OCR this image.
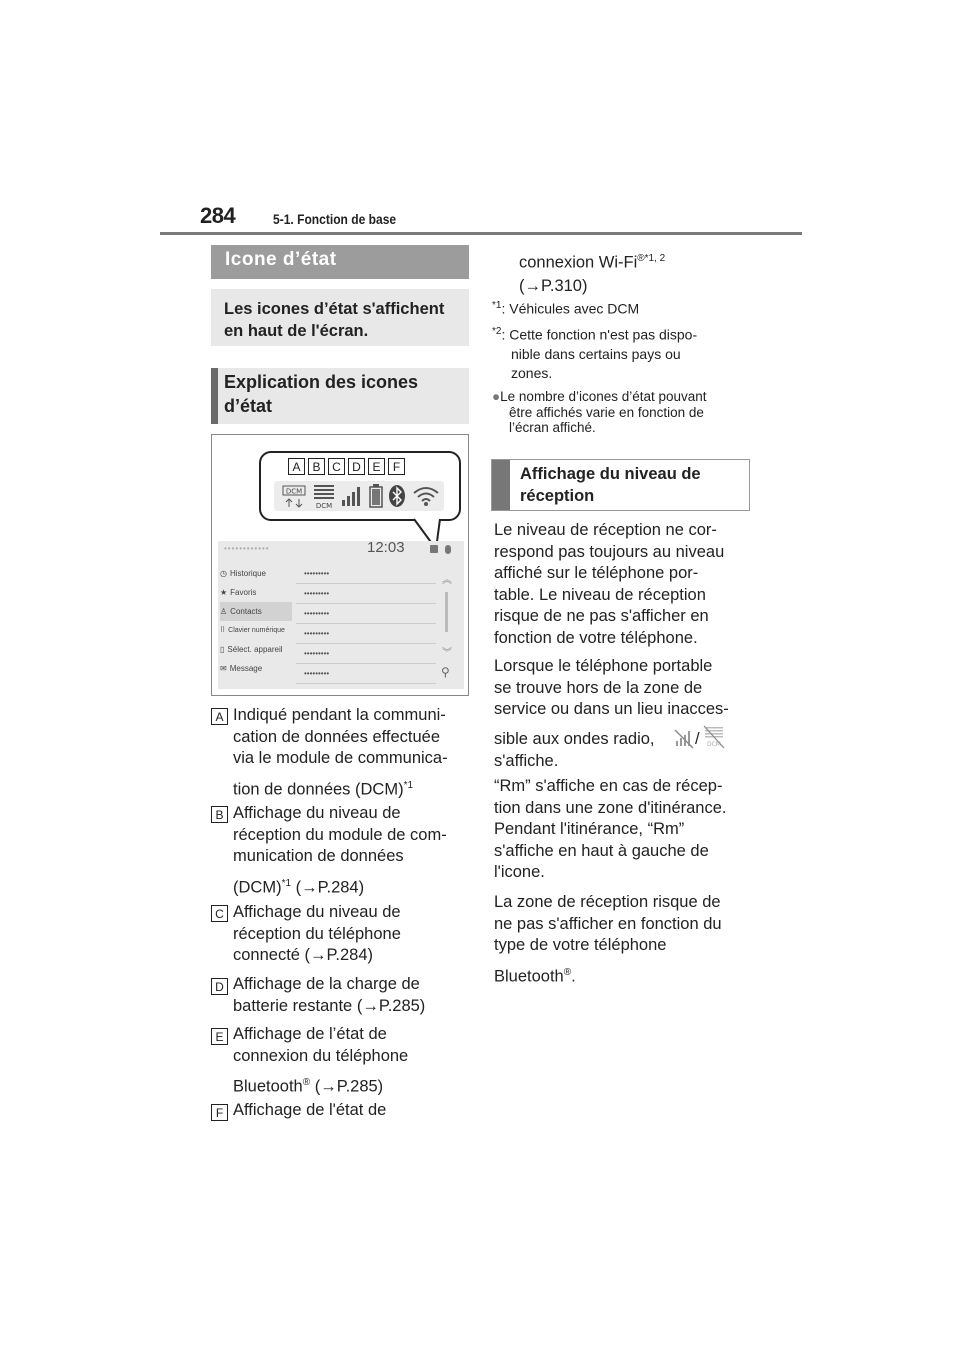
284	5-1. Fonction de base
Icone d’état
Les icones d’état s'affichent en haut de l'écran.
Explication des icones d’état
A B C D E	F
DCM
DCM
••••••••••••	12:03
◷ Historique
★ Favoris
♙ Contacts
⠿ Clavier numérique
▯ Sélect. appareil
✉ Message
•••••••••
•••••••••
•••••••••
•••••••••
•••••••••
•••••••••
︽
︾
⚲
A Indiqué pendant la communi-
cation de données effectuée
via le module de communica-
tion de données (DCM)$^{*1}$
B Affichage du niveau de
réception du module de com-
munication de données
(DCM)$^{*1}$ (→P.284)
C Affichage du niveau de
réception du téléphone
connecté (→P.284)
D Affichage de la charge de
batterie restante (→P.285)
E Affichage de l’état de
connexion du téléphone
Bluetooth® (→P.285)
F Affichage de l'état de
connexion $Wi-Fi^{®*1, 2}$
(→P.310)
$^{*1}$: Véhicules avec DCM
$^{*2}$: Cette fonction n'est pas dispo-
nible dans certains pays ou
zones.
●Le nombre d’icones d’état pouvant
être affichés varie en fonction de
l’écran affiché.
Affichage du niveau de réception
Le niveau de réception ne cor-
respond pas toujours au niveau
affiché sur le téléphone por-
table. Le niveau de réception
risque de ne pas s'afficher en
fonction de votre téléphone.
Lorsque le téléphone portable
se trouve hors de la zone de
service ou dans un lieu inacces-
sible aux ondes radio, / DCM
s'affiche.
“Rm” s'affiche en cas de récep-
tion dans une zone d'itinérance.
Pendant l'itinérance, “Rm”
s'affiche en haut à gauche de
l'icone.
La zone de réception risque de
ne pas s'afficher en fonction du
type de votre téléphone
Bluetooth®.
